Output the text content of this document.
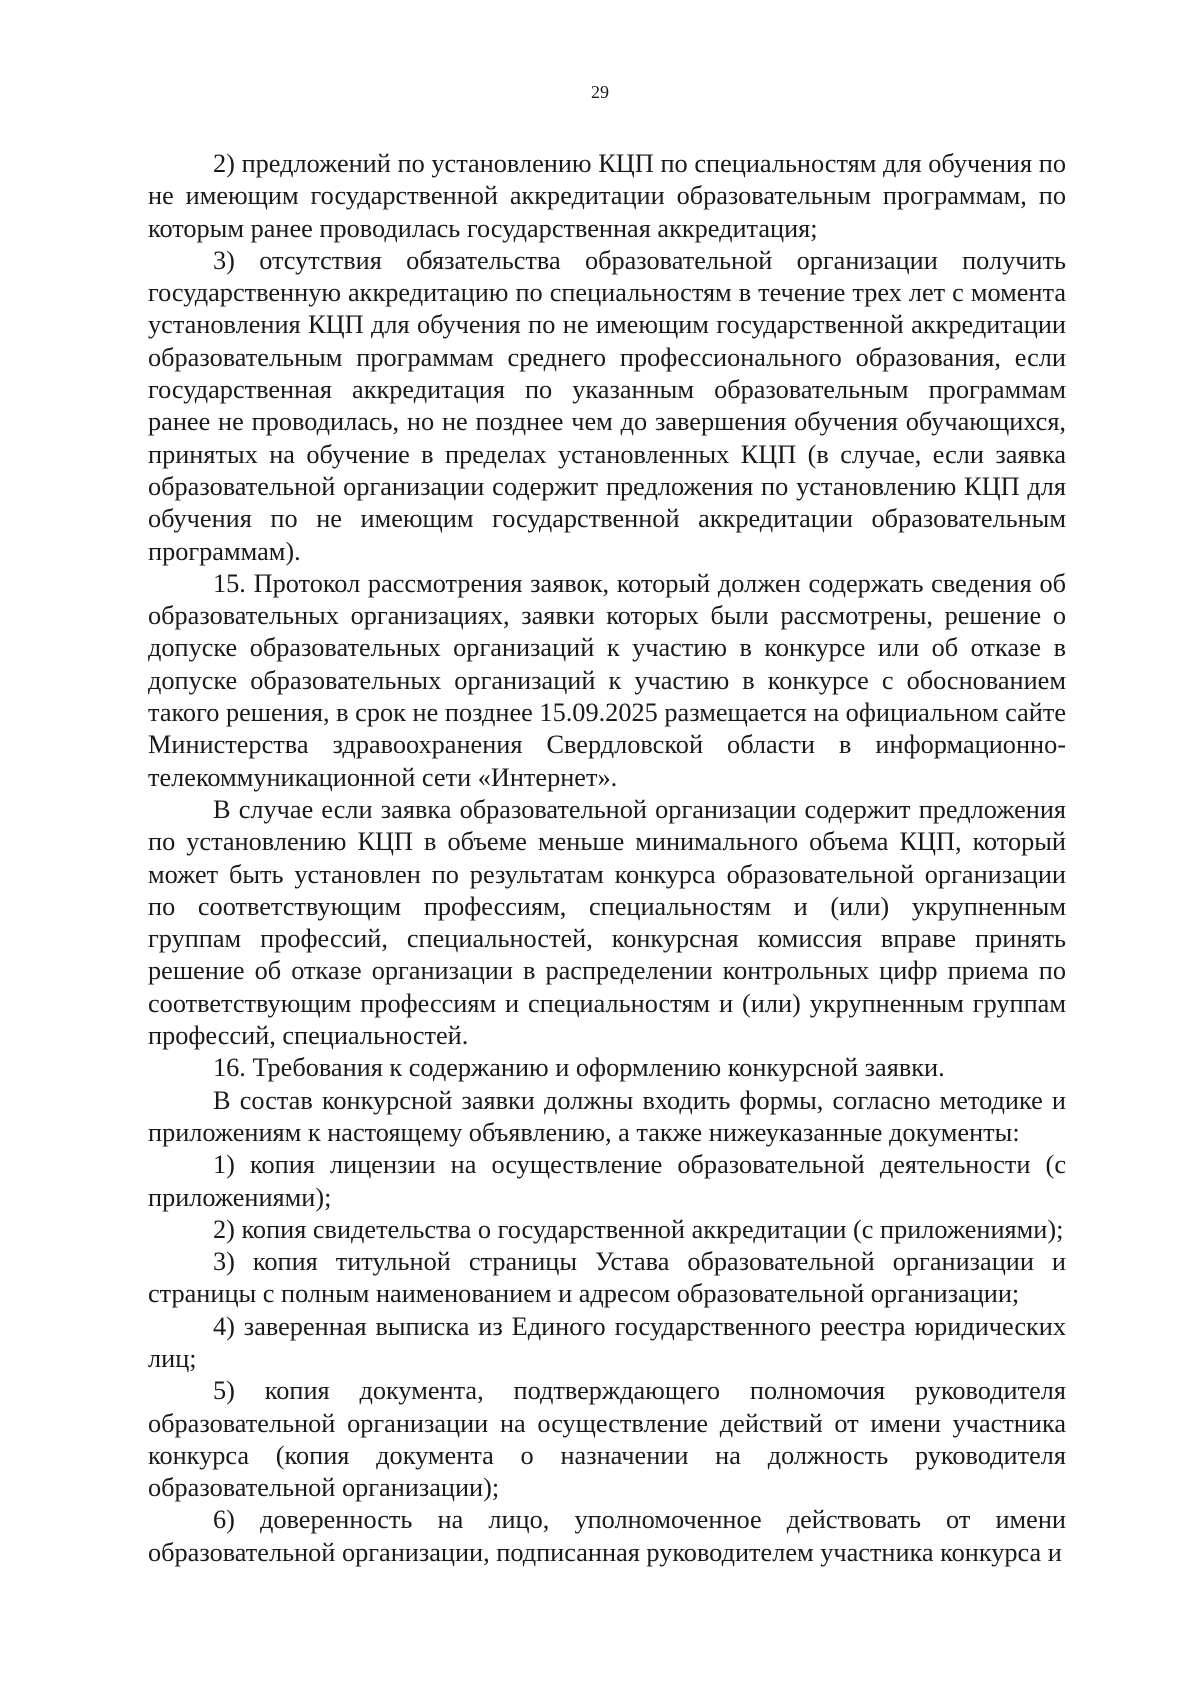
29

2) предложений по установлению КЦП по специальностям для обучения по не имеющим государственной аккредитации образовательным программам, по которым ранее проводилась государственная аккредитация;

3) отсутствия обязательства образовательной организации получить государственную аккредитацию по специальностям в течение трех лет с момента установления КЦП для обучения по не имеющим государственной аккредитации образовательным программам среднего профессионального образования, если государственная аккредитация по указанным образовательным программам ранее не проводилась, но не позднее чем до завершения обучения обучающихся, принятых на обучение в пределах установленных КЦП (в случае, если заявка образовательной организации содержит предложения по установлению КЦП для обучения по не имеющим государственной аккредитации образовательным программам).

15. Протокол рассмотрения заявок, который должен содержать сведения об образовательных организациях, заявки которых были рассмотрены, решение о допуске образовательных организаций к участию в конкурсе или об отказе в допуске образовательных организаций к участию в конкурсе с обоснованием такого решения, в срок не позднее 15.09.2025 размещается на официальном сайте Министерства здравоохранения Свердловской области в информационно-телекоммуникационной сети «Интернет».

В случае если заявка образовательной организации содержит предложения по установлению КЦП в объеме меньше минимального объема КЦП, который может быть установлен по результатам конкурса образовательной организации по соответствующим профессиям, специальностям и (или) укрупненным группам профессий, специальностей, конкурсная комиссия вправе принять решение об отказе организации в распределении контрольных цифр приема по соответствующим профессиям и специальностям и (или) укрупненным группам профессий, специальностей.

16. Требования к содержанию и оформлению конкурсной заявки.

В состав конкурсной заявки должны входить формы, согласно методике и приложениям к настоящему объявлению, а также нижеуказанные документы:

1) копия лицензии на осуществление образовательной деятельности (с приложениями);

2) копия свидетельства о государственной аккредитации (с приложениями);

3) копия титульной страницы Устава образовательной организации и страницы с полным наименованием и адресом образовательной организации;

4) заверенная выписка из Единого государственного реестра юридических лиц;

5) копия документа, подтверждающего полномочия руководителя образовательной организации на осуществление действий от имени участника конкурса (копия документа о назначении на должность руководителя образовательной организации);

6) доверенность на лицо, уполномоченное действовать от имени образовательной организации, подписанная руководителем участника конкурса и
